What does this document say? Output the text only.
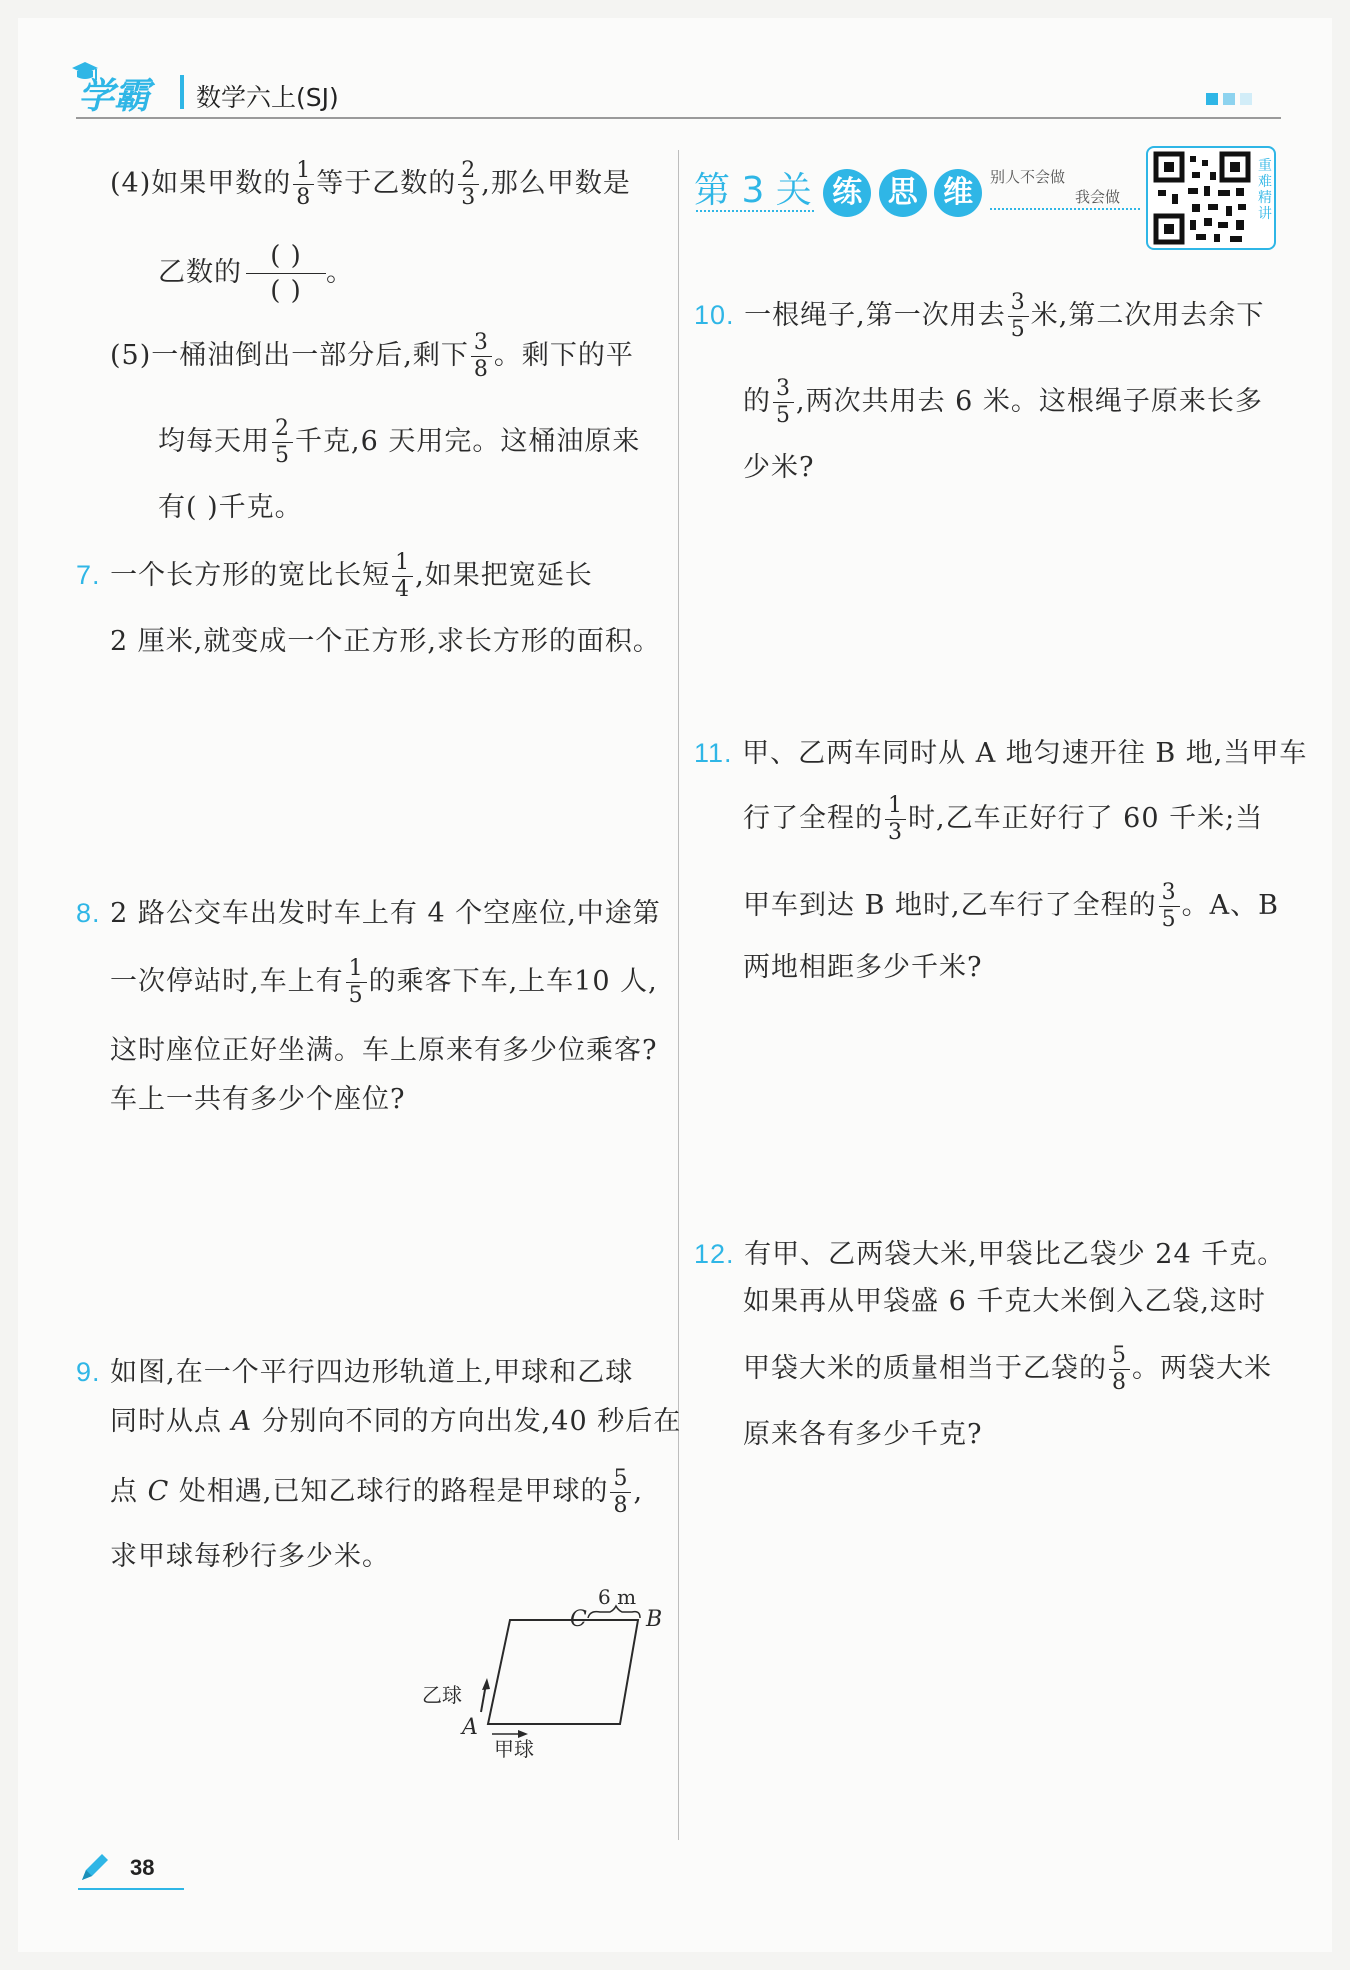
学霸 数学六上(SJ)
(4)如果甲数的 $\frac{1}{8}$ 等于乙数的 $\frac{2}{3}$ ,那么甲数是
乙数的
( )
( )
。
(5)一桶油倒出一部分后,剩下 $\frac{3}{8}$ 。剩下的平
均每天用 $\frac{2}{5}$ 千克,6 天用完。这桶油原来
有( )千克。
7. 一个长方形的宽比长短 $\frac{1}{4}$ ,如果把宽延长
2 厘米,就变成一个正方形,求长方形的面积。
8. 2 路公交车出发时车上有 4 个空座位,中途第
一次停站时,车上有 $\frac{1}{5}$ 的乘客下车,上车10 人,
这时座位正好坐满。车上原来有多少位乘客?
车上一共有多少个座位?
9. 如图,在一个平行四边形轨道上,甲球和乙球
同时从点 A 分别向不同的方向出发,40 秒后在
点 C 处相遇,已知乙球行的路程是甲球的 $\frac{5}{8}$ ,
求甲球每秒行多少米。
6 m
C	B
A
乙球
甲球
第 3 关 练 思 维	别人不会做
我会做
重难精讲
10. 一根绳子,第一次用去 $\frac{3}{5}$ 米,第二次用去余下
的 $\frac{3}{5}$ ,两次共用去 6 米。这根绳子原来长多
少米?
11. 甲、乙两车同时从 A 地匀速开往 B 地,当甲车
行了全程的 $\frac{1}{3}$ 时,乙车正好行了 60 千米;当
甲车到达 B 地时,乙车行了全程的 $\frac{3}{5}$ 。A、B
两地相距多少千米?
12. 有甲、乙两袋大米,甲袋比乙袋少 24 千克。
如果再从甲袋盛 6 千克大米倒入乙袋,这时
甲袋大米的质量相当于乙袋的 $\frac{5}{8}$ 。两袋大米
原来各有多少千克?
38
